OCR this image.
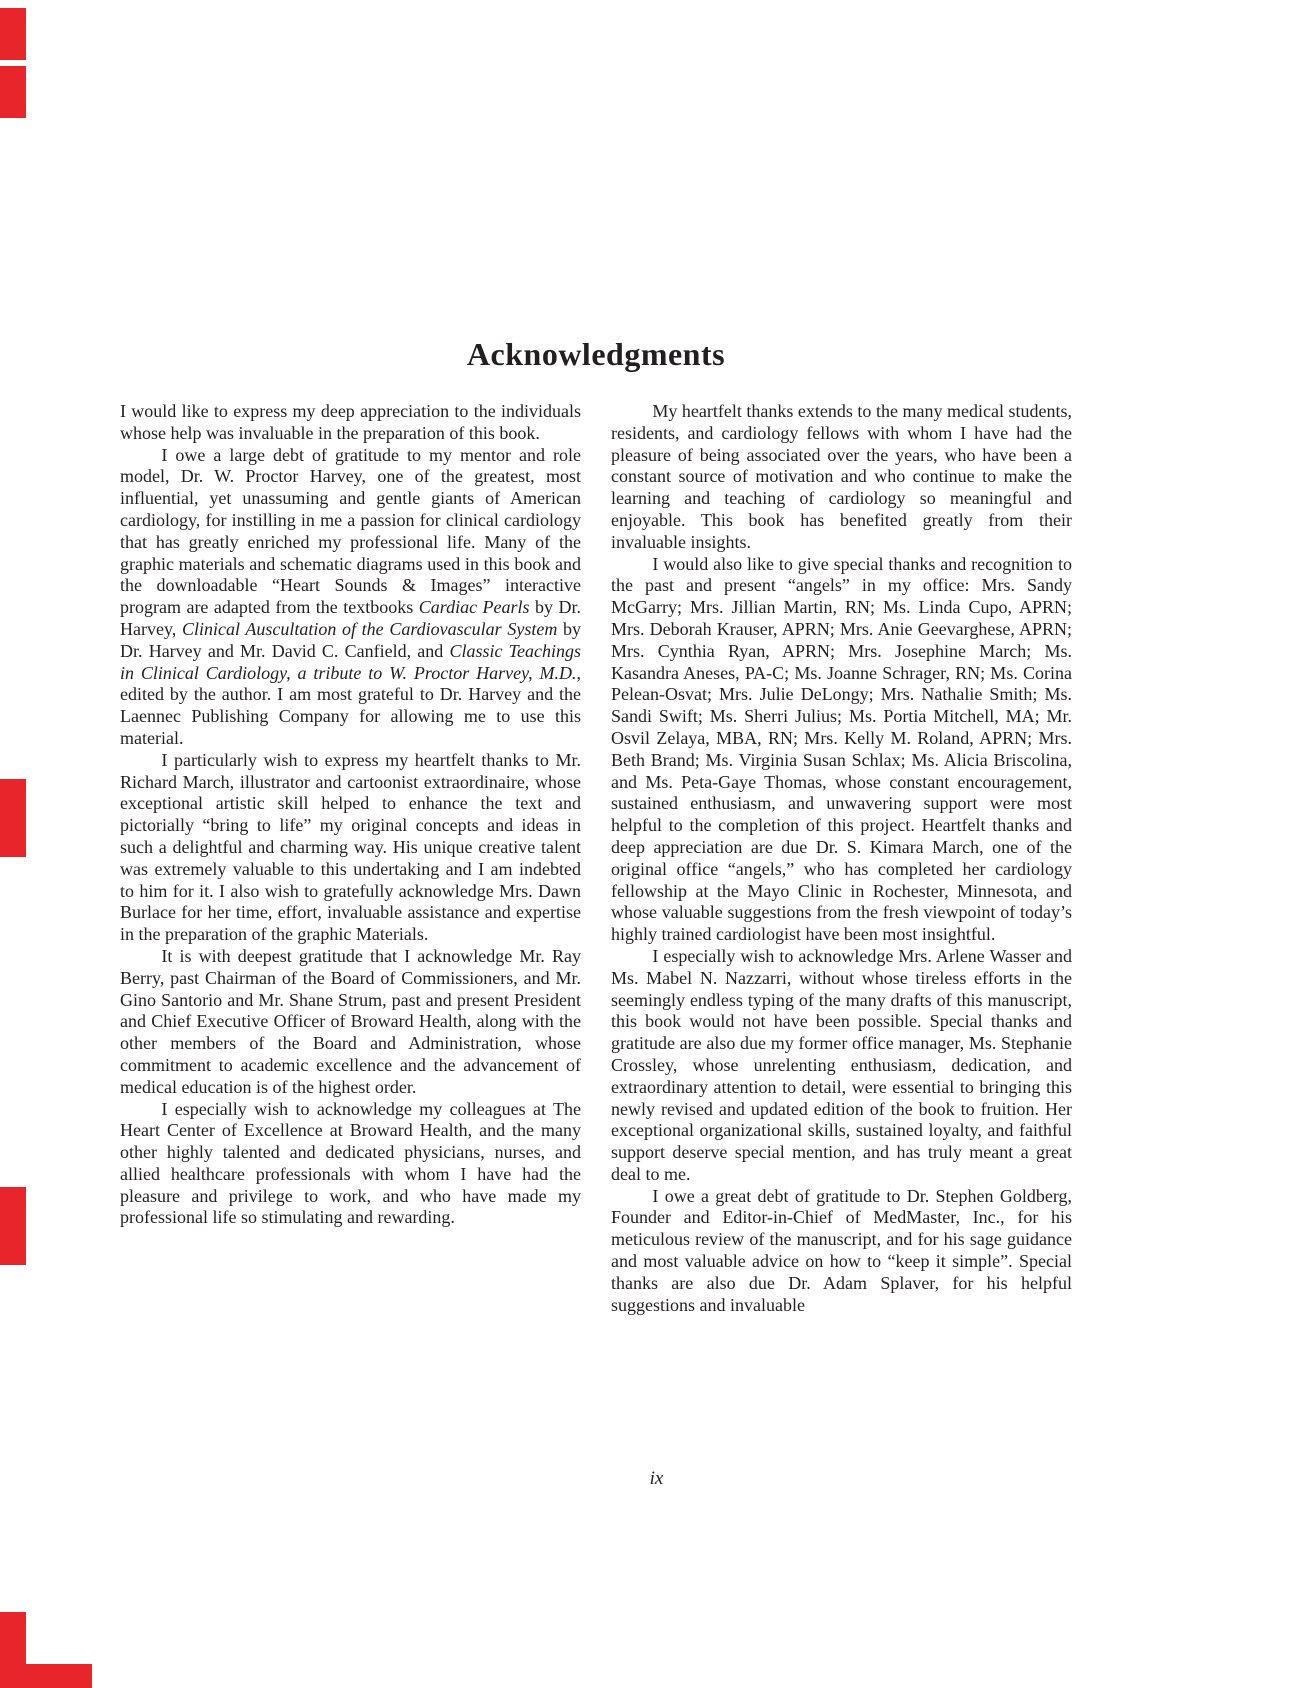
Acknowledgments

I would like to express my deep appreciation to the individuals whose help was invaluable in the preparation of this book.

I owe a large debt of gratitude to my mentor and role model, Dr. W. Proctor Harvey, one of the greatest, most influential, yet unassuming and gentle giants of American cardiology, for instilling in me a passion for clinical cardiology that has greatly enriched my professional life. Many of the graphic materials and schematic diagrams used in this book and the downloadable “Heart Sounds & Images” interactive program are adapted from the textbooks Cardiac Pearls by Dr. Harvey, Clinical Auscultation of the Cardiovascular System by Dr. Harvey and Mr. David C. Canfield, and Classic Teachings in Clinical Cardiology, a tribute to W. Proctor Harvey, M.D., edited by the author. I am most grateful to Dr. Harvey and the Laennec Publishing Company for allowing me to use this material.

I particularly wish to express my heartfelt thanks to Mr. Richard March, illustrator and cartoonist extraordinaire, whose exceptional artistic skill helped to enhance the text and pictorially “bring to life” my original concepts and ideas in such a delightful and charming way. His unique creative talent was extremely valuable to this undertaking and I am indebted to him for it. I also wish to gratefully acknowledge Mrs. Dawn Burlace for her time, effort, invaluable assistance and expertise in the preparation of the graphic Materials.

It is with deepest gratitude that I acknowledge Mr. Ray Berry, past Chairman of the Board of Commissioners, and Mr. Gino Santorio and Mr. Shane Strum, past and present President and Chief Executive Officer of Broward Health, along with the other members of the Board and Administration, whose commitment to academic excellence and the advancement of medical education is of the highest order.

I especially wish to acknowledge my colleagues at The Heart Center of Excellence at Broward Health, and the many other highly talented and dedicated physicians, nurses, and allied healthcare professionals with whom I have had the pleasure and privilege to work, and who have made my professional life so stimulating and rewarding.

My heartfelt thanks extends to the many medical students, residents, and cardiology fellows with whom I have had the pleasure of being associated over the years, who have been a constant source of motivation and who continue to make the learning and teaching of cardiology so meaningful and enjoyable. This book has benefited greatly from their invaluable insights.

I would also like to give special thanks and recognition to the past and present “angels” in my office: Mrs. Sandy McGarry; Mrs. Jillian Martin, RN; Ms. Linda Cupo, APRN; Mrs. Deborah Krauser, APRN; Mrs. Anie Geevarghese, APRN; Mrs. Cynthia Ryan, APRN; Mrs. Josephine March; Ms. Kasandra Aneses, PA-C; Ms. Joanne Schrager, RN; Ms. Corina Pelean-Osvat; Mrs. Julie DeLongy; Mrs. Nathalie Smith; Ms. Sandi Swift; Ms. Sherri Julius; Ms. Portia Mitchell, MA; Mr. Osvil Zelaya, MBA, RN; Mrs. Kelly M. Roland, APRN; Mrs. Beth Brand; Ms. Virginia Susan Schlax; Ms. Alicia Briscolina, and Ms. Peta-Gaye Thomas, whose constant encouragement, sustained enthusiasm, and unwavering support were most helpful to the completion of this project. Heartfelt thanks and deep appreciation are due Dr. S. Kimara March, one of the original office “angels,” who has completed her cardiology fellowship at the Mayo Clinic in Rochester, Minnesota, and whose valuable suggestions from the fresh viewpoint of today’s highly trained cardiologist have been most insightful.

I especially wish to acknowledge Mrs. Arlene Wasser and Ms. Mabel N. Nazzarri, without whose tireless efforts in the seemingly endless typing of the many drafts of this manuscript, this book would not have been possible. Special thanks and gratitude are also due my former office manager, Ms. Stephanie Crossley, whose unrelenting enthusiasm, dedication, and extraordinary attention to detail, were essential to bringing this newly revised and updated edition of the book to fruition. Her exceptional organizational skills, sustained loyalty, and faithful support deserve special mention, and has truly meant a great deal to me.

I owe a great debt of gratitude to Dr. Stephen Goldberg, Founder and Editor-in-Chief of MedMaster, Inc., for his meticulous review of the manuscript, and for his sage guidance and most valuable advice on how to “keep it simple”. Special thanks are also due Dr. Adam Splaver, for his helpful suggestions and invaluable

ix
